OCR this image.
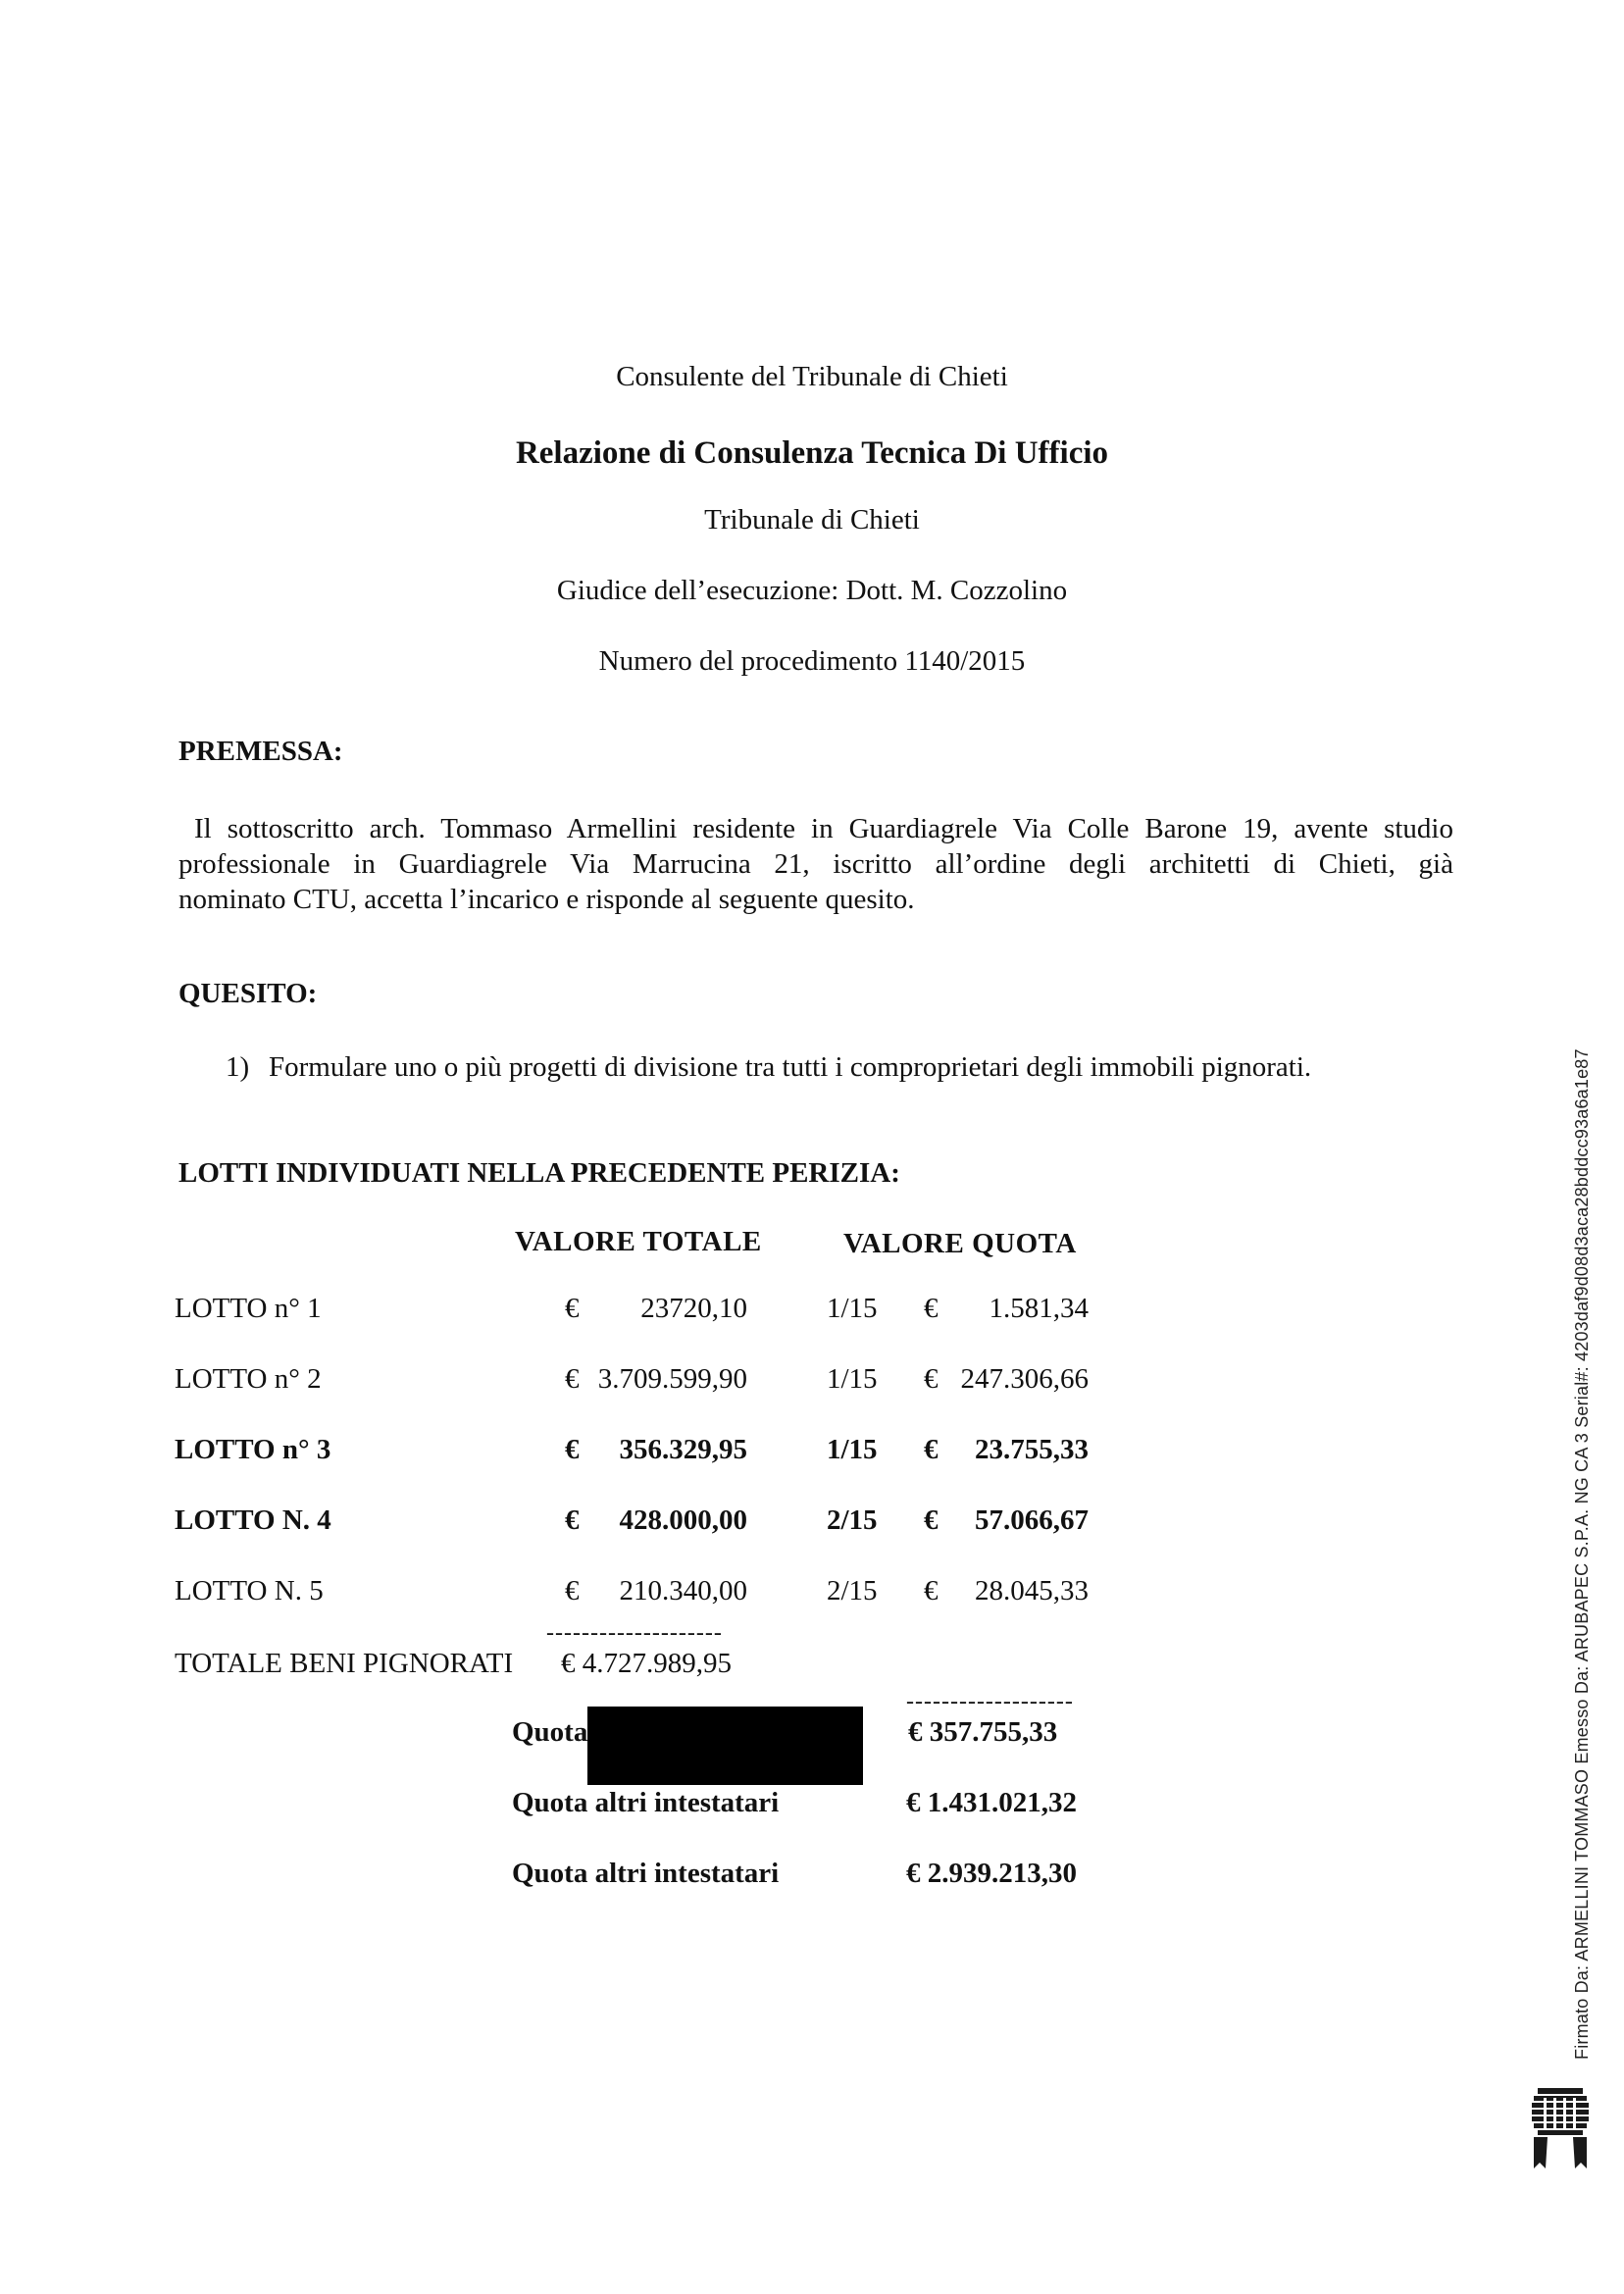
Consulente del Tribunale di Chieti
Relazione di Consulenza Tecnica Di Ufficio
Tribunale di Chieti
Giudice dell’esecuzione: Dott. M. Cozzolino
Numero del procedimento 1140/2015
PREMESSA:
Il sottoscritto arch. Tommaso Armellini residente in Guardiagrele Via Colle Barone 19, avente studio
professionale in Guardiagrele Via Marrucina 21, iscritto all’ordine degli architetti di Chieti, già
nominato CTU, accetta l’incarico e risponde al seguente quesito.
QUESITO:
1) Formulare uno o più progetti di divisione tra tutti i comproprietari degli immobili pignorati.
LOTTI INDIVIDUATI NELLA PRECEDENTE PERIZIA:
VALORE TOTALE	VALORE QUOTA
LOTTO n° 1	€	23720,10	1/15 €	1.581,34
LOTTO n° 2	€ 3.709.599,90	1/15 € 247.306,66
LOTTO n° 3	€	356.329,95	1/15 €	23.755,33
LOTTO N. 4	€	428.000,00	2/15 €	57.066,67
LOTTO N. 5	€	210.340,00	2/15 €	28.045,33
--------------------
TOTALE BENI PIGNORATI € 4.727.989,95
-------------------
Quota	€ 357.755,33
Quota altri intestatari	€ 1.431.021,32
Quota altri intestatari	€ 2.939.213,30	Firmato Da: ARMELLINI TOMMASO Emesso Da: ARUBAPEC S.P.A. NG CA 3 Serial#: 4203daf9d08d3aca28bddcc93a6a1e87
